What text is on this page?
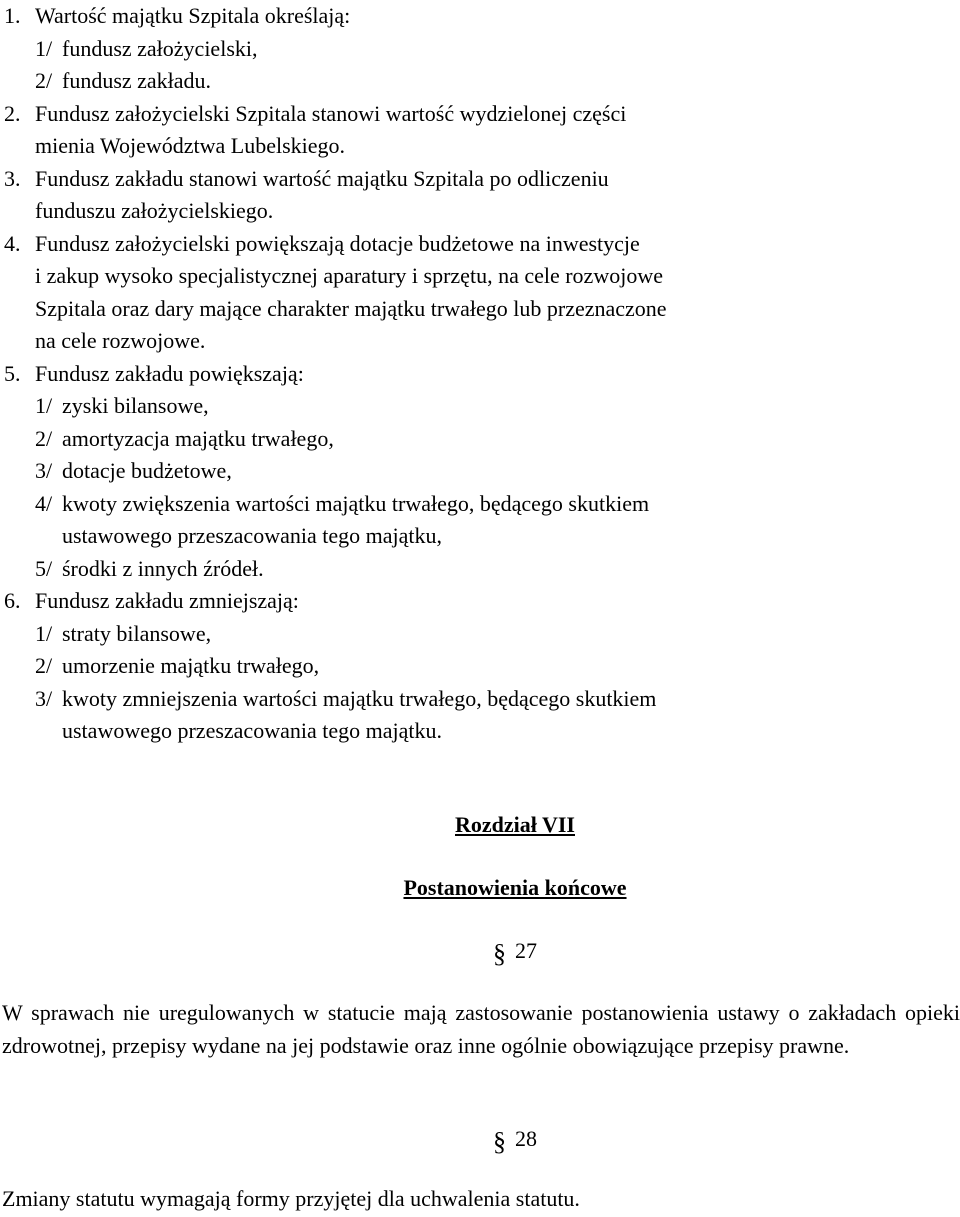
1. Wartość majątku Szpitala określają:
1/ fundusz założycielski,
2/ fundusz zakładu.
2. Fundusz założycielski Szpitala stanowi wartość wydzielonej części
mienia Województwa Lubelskiego.
3. Fundusz zakładu stanowi wartość majątku Szpitala po odliczeniu
funduszu założycielskiego.
4. Fundusz założycielski powiększają dotacje budżetowe na inwestycje
i zakup wysoko specjalistycznej aparatury i sprzętu, na cele rozwojowe
Szpitala oraz dary mające charakter majątku trwałego lub przeznaczone
na cele rozwojowe.
5. Fundusz zakładu powiększają:
1/ zyski bilansowe,
2/ amortyzacja majątku trwałego,
3/ dotacje budżetowe,
4/ kwoty zwiększenia wartości majątku trwałego, będącego skutkiem
ustawowego przeszacowania tego majątku,
5/ środki z innych źródeł.
6. Fundusz zakładu zmniejszają:
1/ straty bilansowe,
2/ umorzenie majątku trwałego,
3/ kwoty zmniejszenia wartości majątku trwałego, będącego skutkiem
ustawowego przeszacowania tego majątku.
Rozdział VII
Postanowienia końcowe
§ 27
W sprawach nie uregulowanych w statucie mają zastosowanie postanowienia ustawy o zakładach opieki zdrowotnej, przepisy wydane na jej podstawie oraz inne ogólnie obowiązujące przepisy prawne.
§ 28
Zmiany statutu wymagają formy przyjętej dla uchwalenia statutu.
